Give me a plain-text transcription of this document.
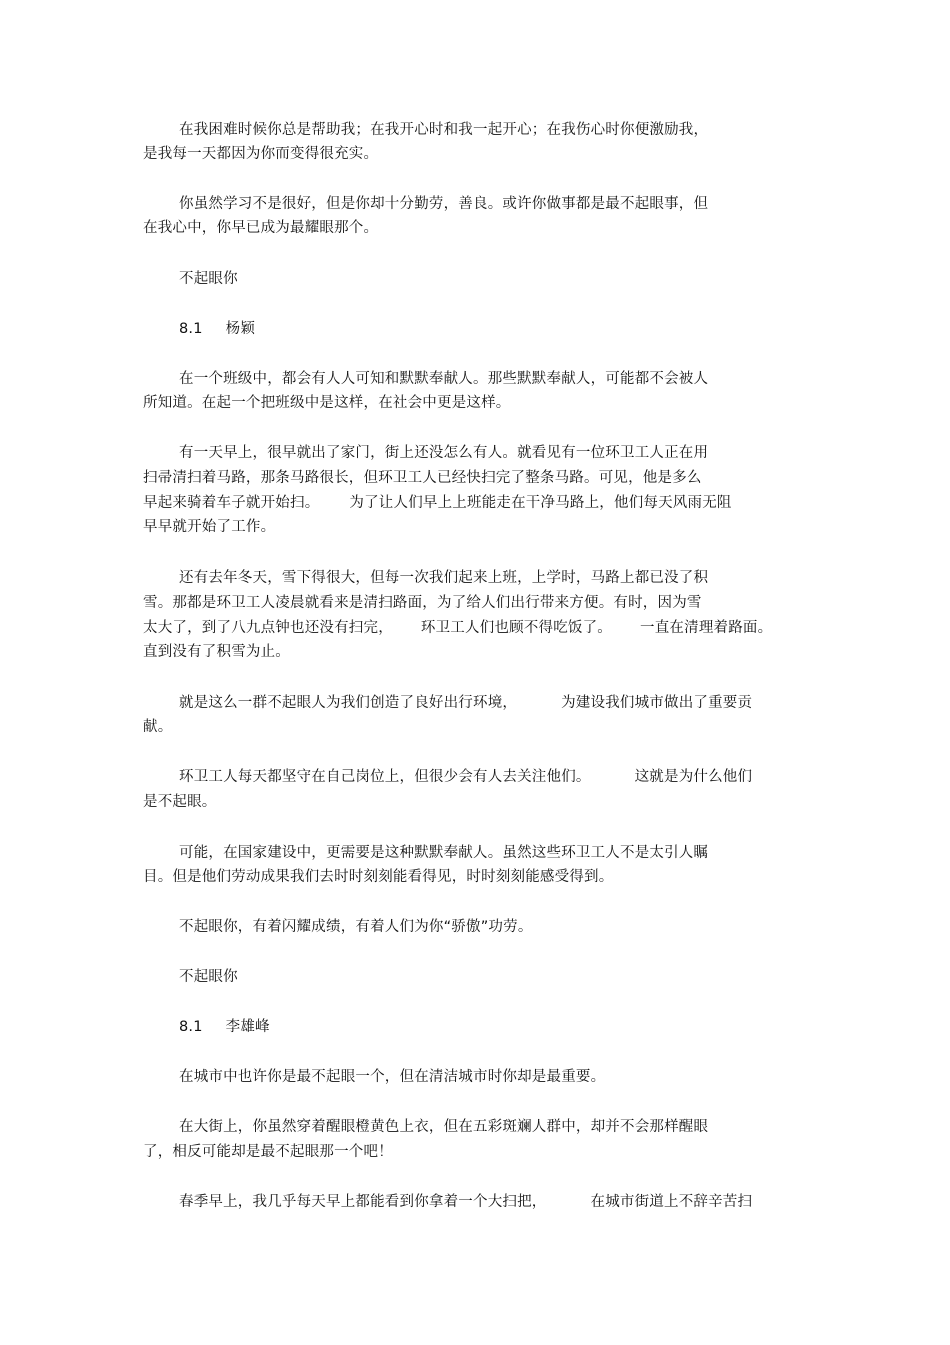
在我困难时候你总是帮助我；在我开心时和我一起开心；在我伤心时你便激励我，
是我每一天都因为你而变得很充实。
你虽然学习不是很好，但是你却十分勤劳，善良。或许你做事都是最不起眼事，但
在我心中，你早已成为最耀眼那个。
不起眼你
8.1 杨颖
在一个班级中，都会有人人可知和默默奉献人。那些默默奉献人，可能都不会被人
所知道。在起一个把班级中是这样，在社会中更是这样。
有一天早上，很早就出了家门，街上还没怎么有人。就看见有一位环卫工人正在用
扫帚清扫着马路，那条马路很长，但环卫工人已经快扫完了整条马路。可见，他是多么
早起来骑着车子就开始扫。 为了让人们早上上班能走在干净马路上，他们每天风雨无阻
早早就开始了工作。
还有去年冬天，雪下得很大，但每一次我们起来上班，上学时，马路上都已没了积
雪。那都是环卫工人凌晨就看来是清扫路面，为了给人们出行带来方便。有时，因为雪
太大了，到了八九点钟也还没有扫完， 环卫工人们也顾不得吃饭了。 一直在清理着路面。
直到没有了积雪为止。
就是这么一群不起眼人为我们创造了良好出行环境，	为建设我们城市做出了重要贡
献。
环卫工人每天都坚守在自己岗位上，但很少会有人去关注他们。	这就是为什么他们
是不起眼。
可能，在国家建设中，更需要是这种默默奉献人。虽然这些环卫工人不是太引人瞩
目。但是他们劳动成果我们去时时刻刻能看得见，时时刻刻能感受得到。
不起眼你，有着闪耀成绩，有着人们为你“骄傲”功劳。
不起眼你
8.1 李雄峰
在城市中也许你是最不起眼一个，但在清洁城市时你却是最重要。
在大街上，你虽然穿着醒眼橙黄色上衣，但在五彩斑斓人群中，却并不会那样醒眼
了，相反可能却是最不起眼那一个吧！
春季早上，我几乎每天早上都能看到你拿着一个大扫把，	在城市街道上不辞辛苦扫
